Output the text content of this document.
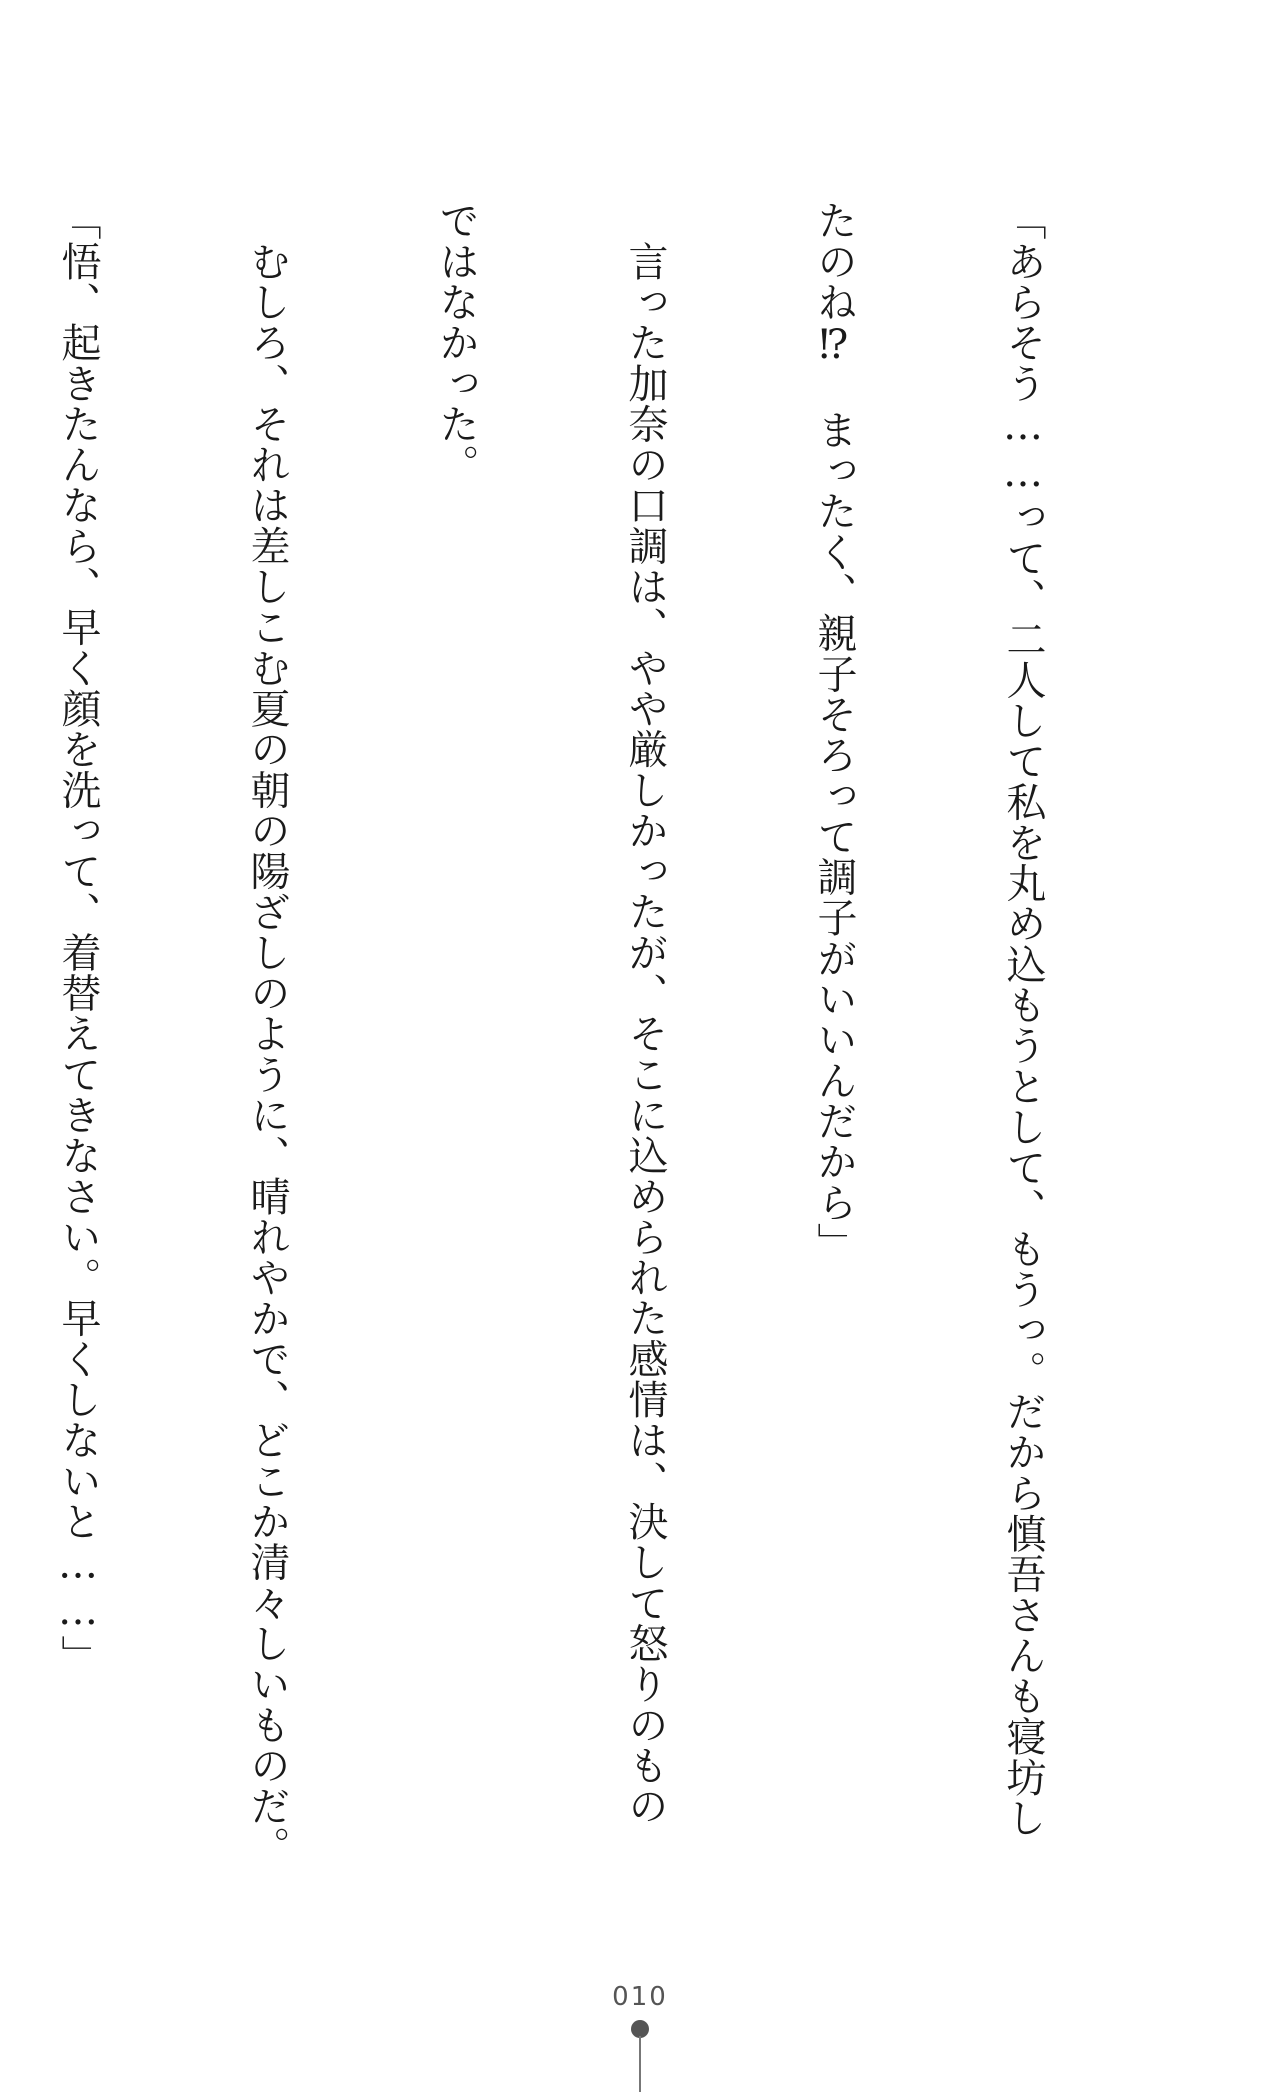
「あらそう……って、二人して私を丸め込もうとして、もうっ。だから慎吾さんも寝坊し

たのね⁉　まったく、親子そろって調子がいいんだから」

　言った加奈の口調は、やや厳しかったが、そこに込められた感情は、決して怒りのもの

ではなかった。

　むしろ、それは差しこむ夏の朝の陽ざしのように、晴れやかで、どこか清々しいものだ。

「悟、起きたんなら、早く顔を洗って、着替えてきなさい。早くしないと……」

010
